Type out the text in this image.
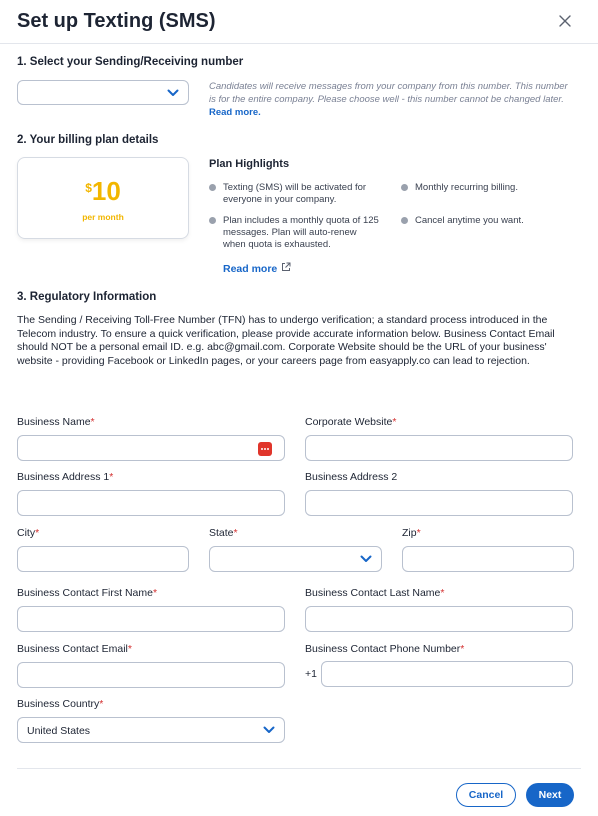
Set up Texting (SMS)
1. Select your Sending/Receiving number
Candidates will receive messages from your company from this number. This number is for the entire company. Please choose well - this number cannot be changed later. Read more.
2. Your billing plan details
$10
per month
Plan Highlights
Texting (SMS) will be activated for everyone in your company.
Monthly recurring billing.
Plan includes a monthly quota of 125 messages. Plan will auto-renew when quota is exhausted.
Cancel anytime you want.
Read more
3. Regulatory Information
The Sending / Receiving Toll-Free Number (TFN) has to undergo verification; a standard process introduced in the Telecom industry. To ensure a quick verification, please provide accurate information below. Business Contact Email should NOT be a personal email ID. e.g. abc@gmail.com. Corporate Website should be the URL of your business' website - providing Facebook or LinkedIn pages, or your careers page from easyapply.co can lead to rejection.
Business Name*	Corporate Website*
Business Address 1*	Business Address 2
City*	State*	Zip*
Business Contact First Name*	Business Contact Last Name*
Business Contact Email*	Business Contact Phone Number*
+1
Business Country*
United States
Cancel	Next
